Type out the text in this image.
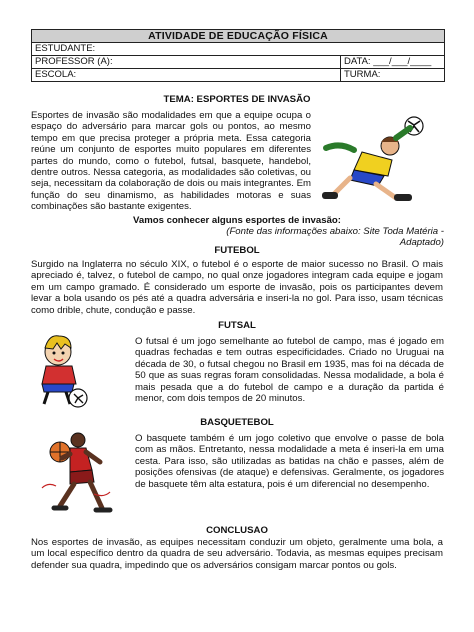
ATIVIDADE DE EDUCAÇÃO FÍSICA
ESTUDANTE:
PROFESSOR (A):	DATA: ___/___/____
ESCOLA:	TURMA:
TEMA: ESPORTES DE INVASÃO

Esportes de invasão são modalidades em que a equipe ocupa o espaço do adversário para marcar gols ou pontos, ao mesmo tempo em que precisa proteger a própria meta. Essa categoria reúne um conjunto de esportes muito populares em diferentes partes do mundo, como o futebol, futsal, basquete, handebol, dentre outros. Nessa categoria, as modalidades são coletivas, ou seja, necessitam da colaboração de dois ou mais integrantes. Em função do seu dinamismo, as habilidades motoras e suas combinações são bastante exigentes.

Vamos conhecer alguns esportes de invasão:
(Fonte das informações abaixo: Site Toda Matéria - Adaptado)
FUTEBOL

Surgido na Inglaterra no século XIX, o futebol é o esporte de maior sucesso no Brasil. O mais apreciado é, talvez, o futebol de campo, no qual onze jogadores integram cada equipe e jogam em um campo gramado. É considerado um esporte de invasão, pois os participantes devem levar a bola usando os pés até a quadra adversária e inseri-la no gol. Para isso, usam técnicas como drible, chute, condução e passe.

FUTSAL

O futsal é um jogo semelhante ao futebol de campo, mas é jogado em quadras fechadas e tem outras especificidades. Criado no Uruguai na década de 30, o futsal chegou no Brasil em 1935, mas foi na década de 50 que as suas regras foram consolidadas. Nessa modalidade, a bola é mais pesada que a do futebol de campo e a duração da partida é menor, com dois tempos de 20 minutos.

BASQUETEBOL

O basquete também é um jogo coletivo que envolve o passe de bola com as mãos. Entretanto, nessa modalidade a meta é inseri-la em uma cesta. Para isso, são utilizadas as batidas na chão e passes, além de posições ofensivas (de ataque) e defensivas. Geralmente, os jogadores de basquete têm alta estatura, pois é um diferencial no desempenho.

CONCLUSAO

Nos esportes de invasão, as equipes necessitam conduzir um objeto, geralmente uma bola, a um local específico dentro da quadra de seu adversário. Todavia, as mesmas equipes precisam defender sua quadra, impedindo que os adversários consigam marcar pontos ou gols.
